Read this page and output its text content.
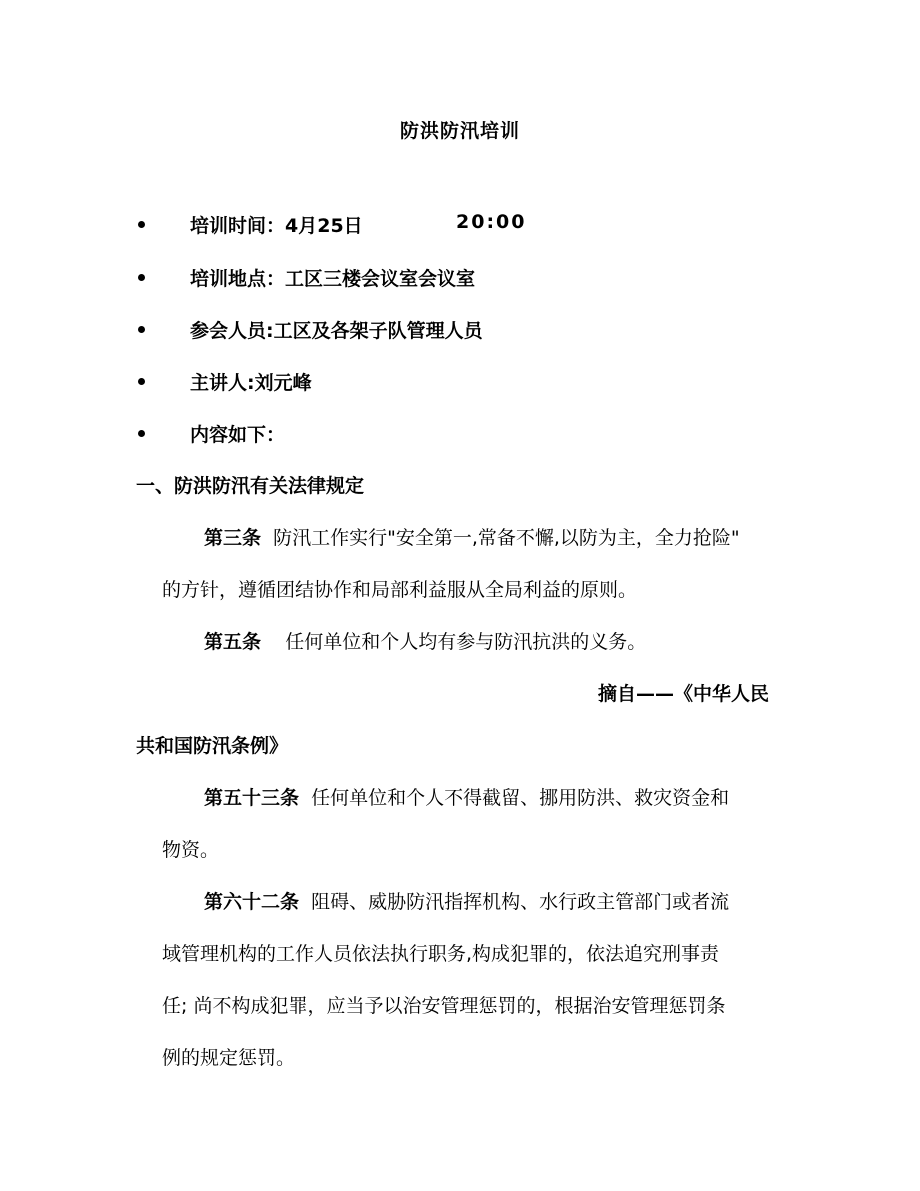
防洪防汛培训
培训时间：4月25日	20:00
培训地点：工区三楼会议室会议室
参会人员:工区及各架子队管理人员
主讲人:刘元峰
内容如下：
一、防洪防汛有关法律规定
第三条 防汛工作实行"安全第一,常备不懈,以防为主，全力抢险"
的方针，遵循团结协作和局部利益服从全局利益的原则。
第五条 任何单位和个人均有参与防汛抗洪的义务。
摘自——《中华人民
共和国防汛条例》
第五十三条 任何单位和个人不得截留、挪用防洪、救灾资金和
物资。
第六十二条 阻碍、威胁防汛指挥机构、水行政主管部门或者流
域管理机构的工作人员依法执行职务,构成犯罪的，依法追究刑事责
任; 尚不构成犯罪，应当予以治安管理惩罚的，根据治安管理惩罚条
例的规定惩罚。
